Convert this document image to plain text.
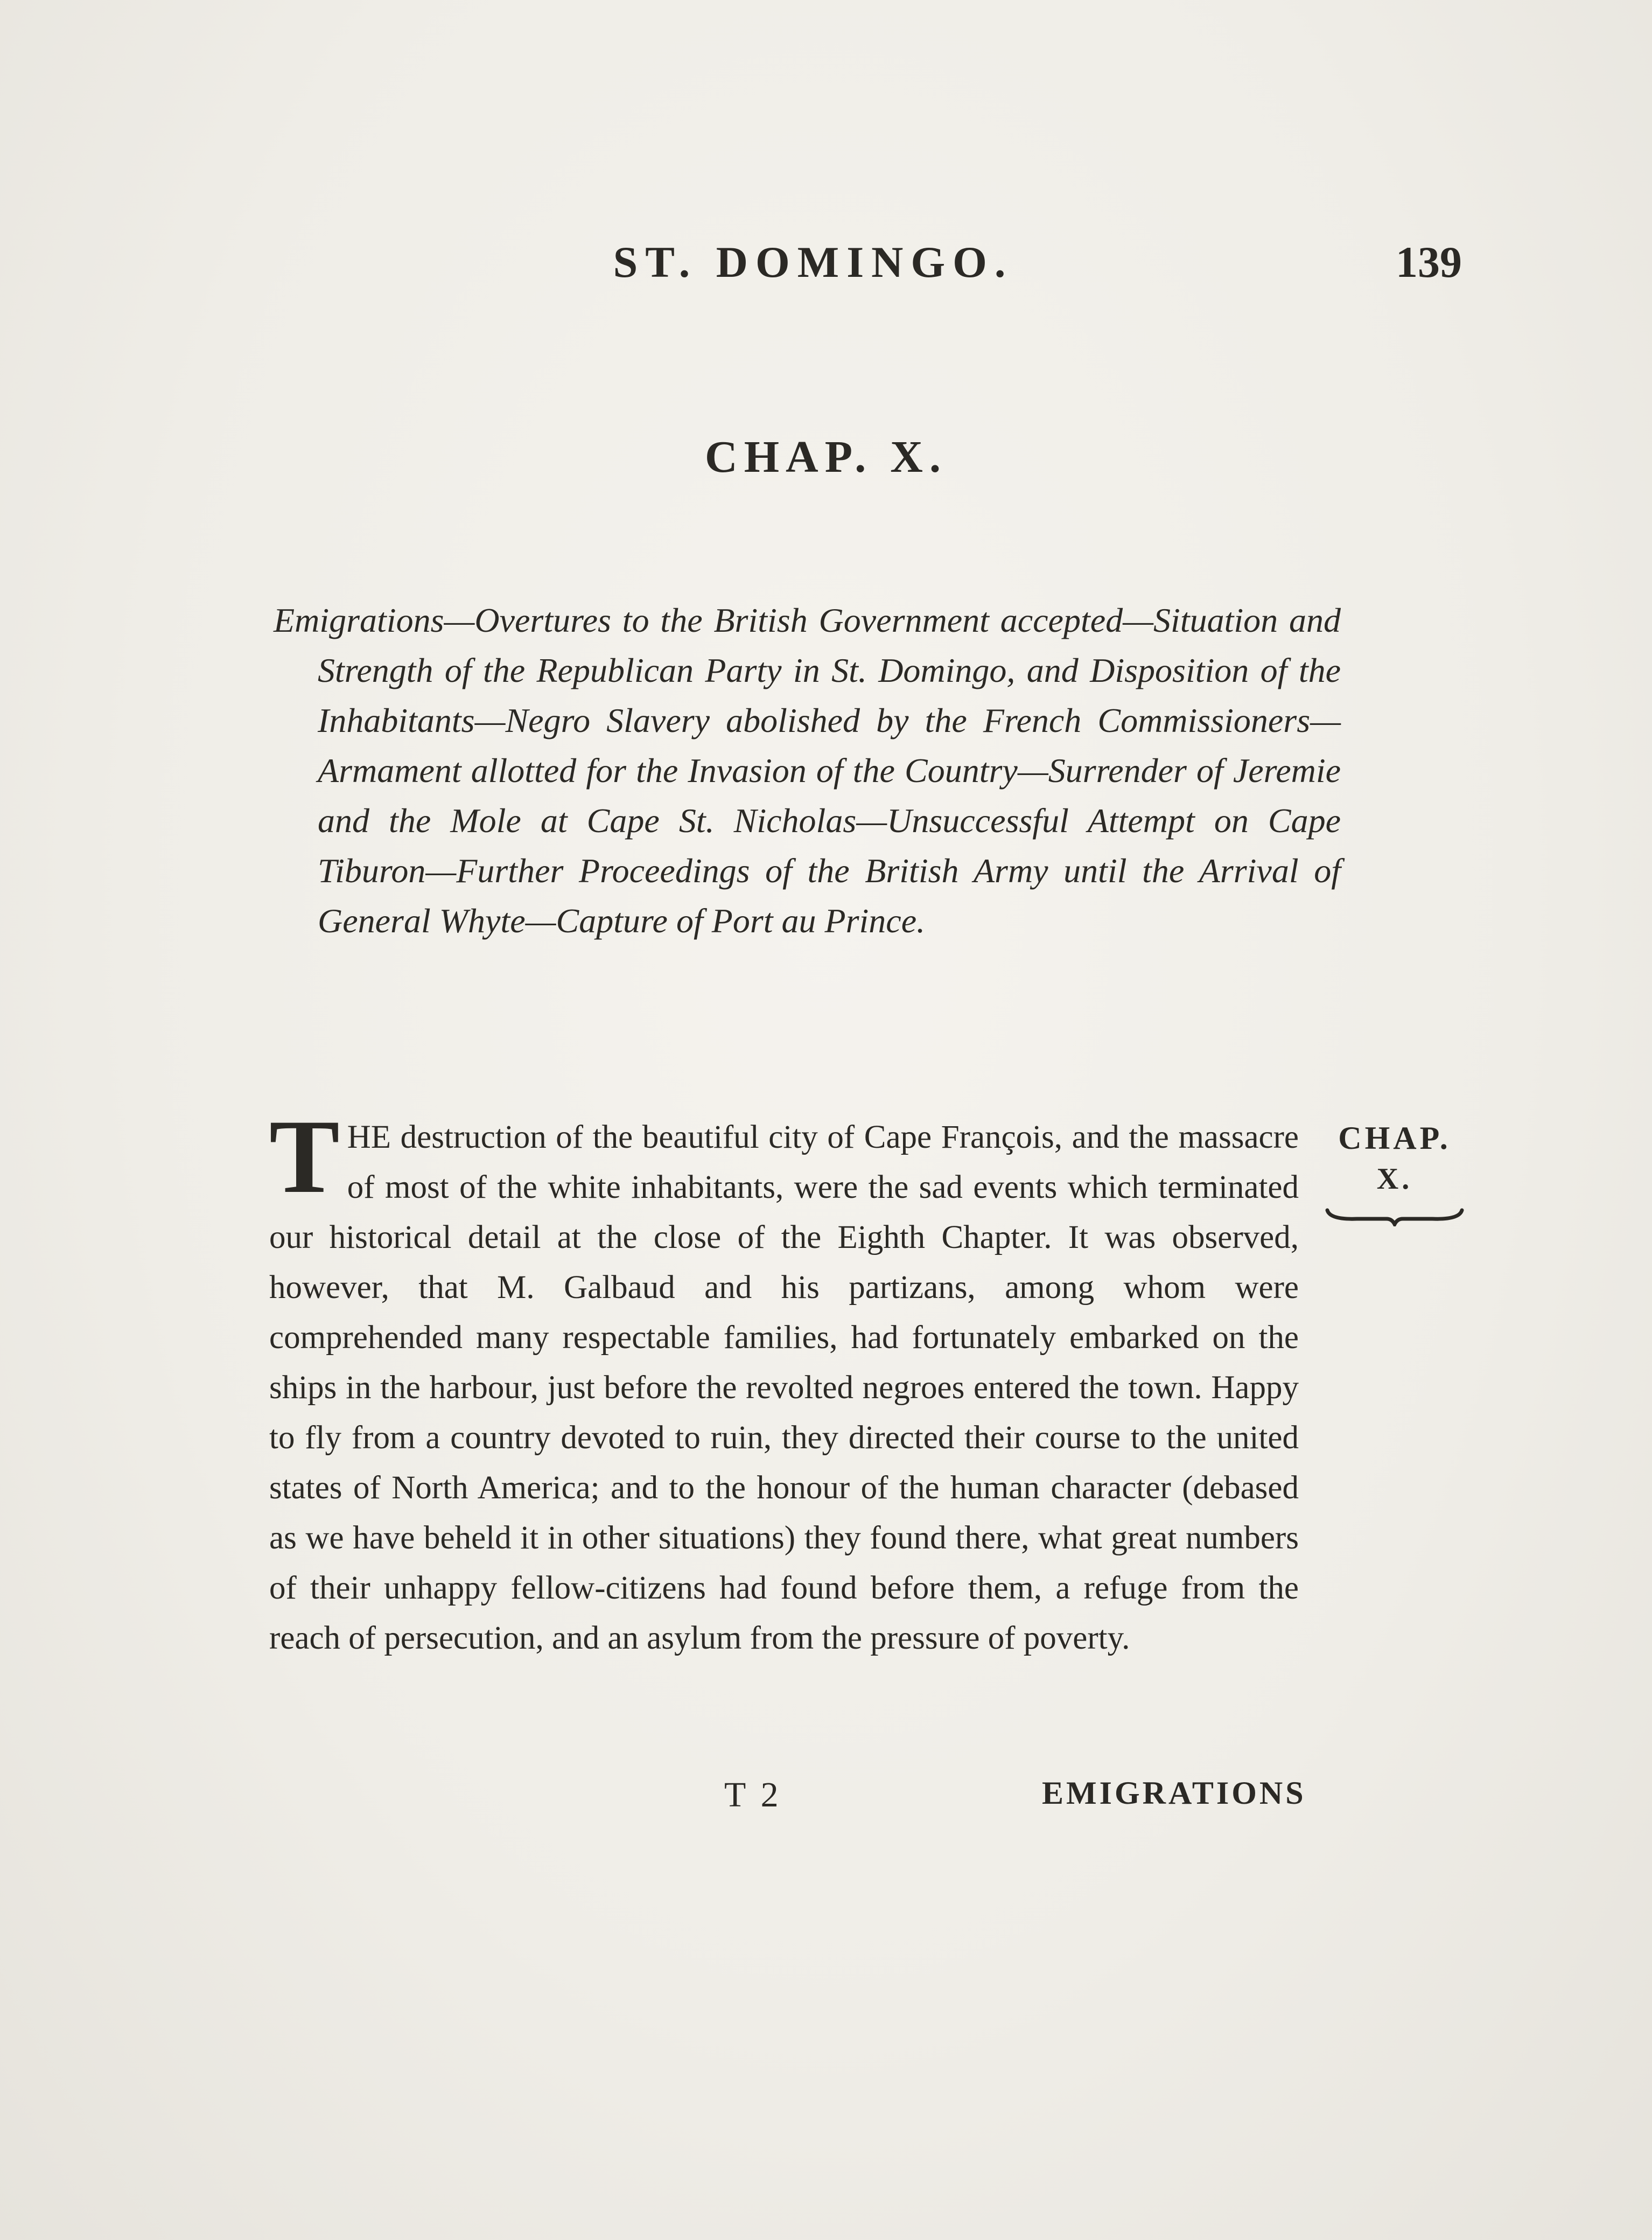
ST. DOMINGO.	139
CHAP. X.

Emigrations—Overtures to the British Government accepted—Situation and Strength of the Republican Party in St. Domingo, and Disposition of the Inhabitants—Negro Slavery abolished by the French Commissioners—Armament allotted for the Invasion of the Country—Surrender of Jeremie and the Mole at Cape St. Nicholas—Unsuccessful Attempt on Cape Tiburon—Further Proceedings of the British Army until the Arrival of General Whyte—Capture of Port au Prince.

T HE destruction of the beautiful city of Cape François, and the massacre of most of the white inhabitants, were the sad events which terminated our historical detail at the close of the Eighth Chapter. It was observed, however, that M. Galbaud and his partizans, among whom were comprehended many respectable families, had fortunately embarked on the ships in the harbour, just before the revolted negroes entered the town. Happy to fly from a country devoted to ruin, they directed their course to the united states of North America; and to the honour of the human character (debased as we have beheld it in other situations) they found there, what great numbers of their unhappy fellow-citizens had found before them, a refuge from the reach of persecution, and an asylum from the pressure of poverty.

CHAP.
X.
T 2	EMIGRATIONS
